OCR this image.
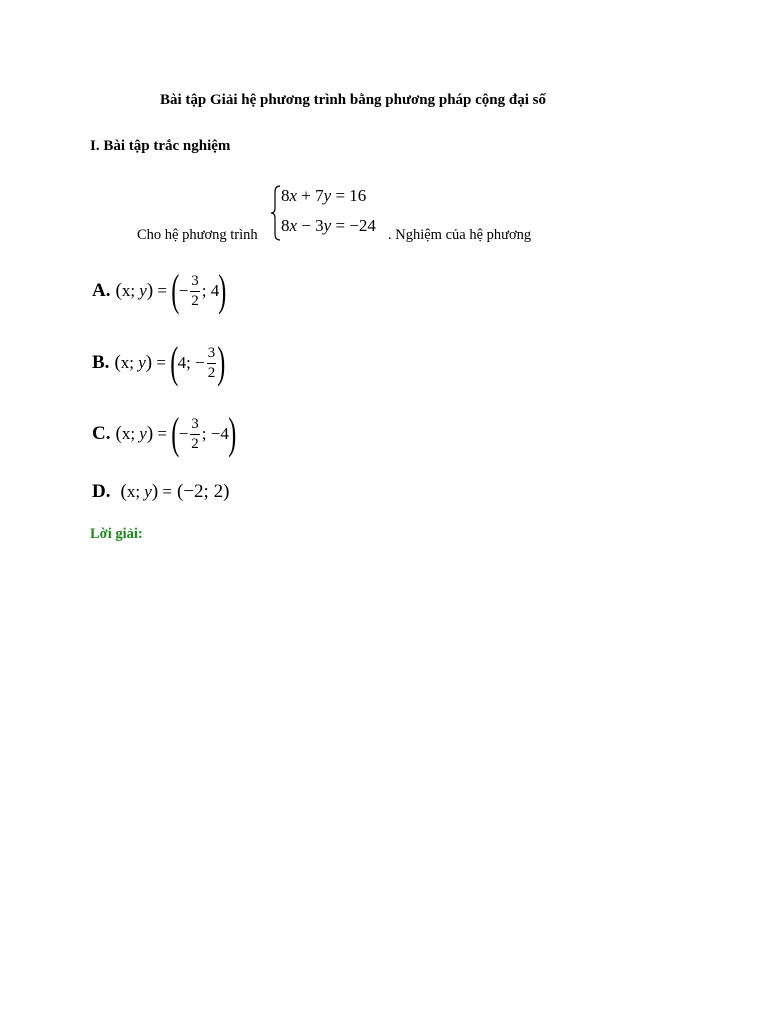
Bài tập Giải hệ phương trình bằng phương pháp cộng đại số
I. Bài tập trắc nghiệm
Cho hệ phương trình
8x + 7y = 16
8x − 3y = −24 . Nghiệm của hệ phương
A. (x; y) = ( − $\frac{3}{2}$ ; 4 )
B. (x; y) = ( 4; − $\frac{3}{2}$ )
C. (x; y) = ( − $\frac{3}{2}$ ; −4 )
D. (x; y) = (−2; 2)
Lời giải:
